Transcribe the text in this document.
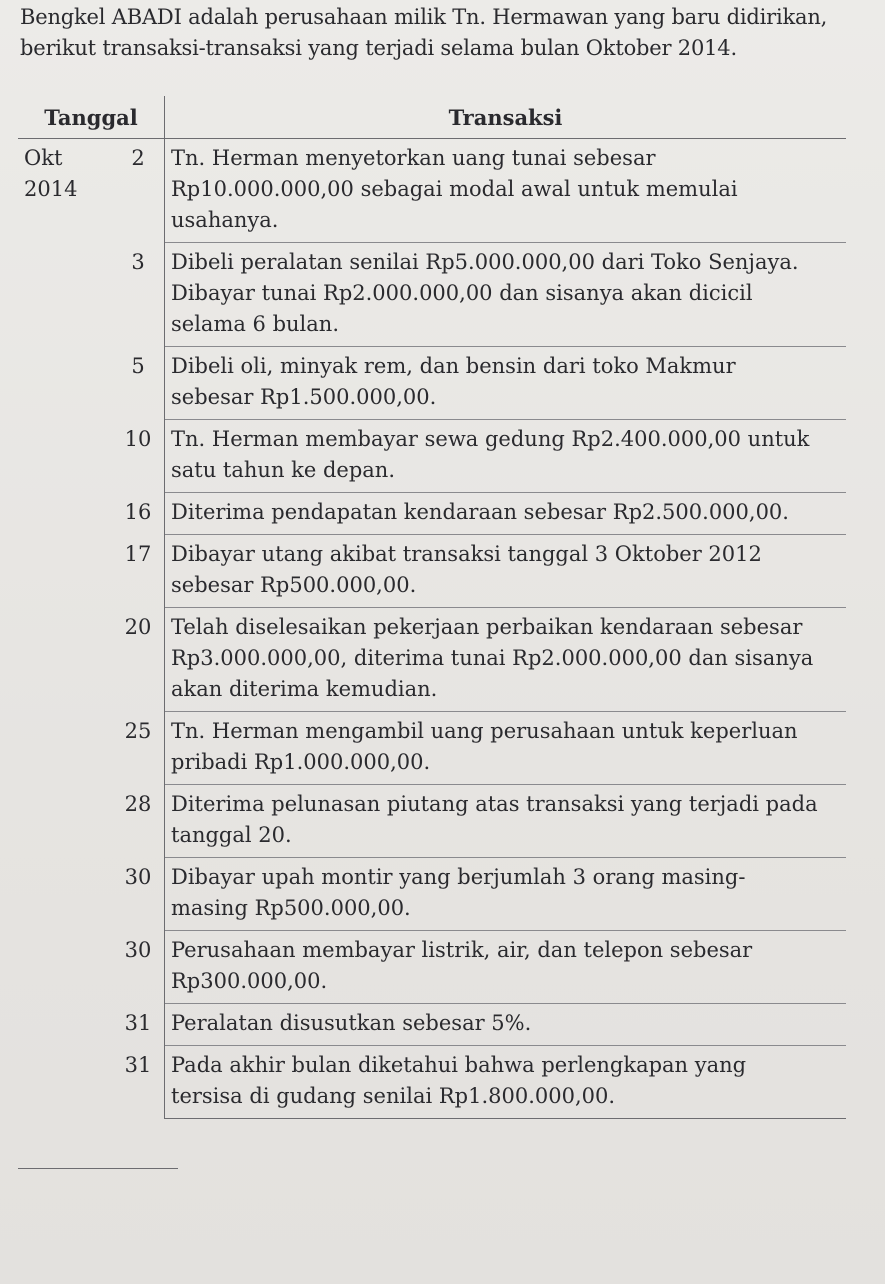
Bengkel ABADI adalah perusahaan milik Tn. Hermawan yang baru didirikan,
berikut transaksi-transaksi yang terjadi selama bulan Oktober 2014.
Tanggal		Transaksi
Okt
2014	2	Tn. Herman menyetorkan uang tunai sebesar
Rp10.000.000,00 sebagai modal awal untuk memulai
usahanya.
	3	Dibeli peralatan senilai Rp5.000.000,00 dari Toko Senjaya.
Dibayar tunai Rp2.000.000,00 dan sisanya akan dicicil
selama 6 bulan.
	5	Dibeli oli, minyak rem, dan bensin dari toko Makmur
sebesar Rp1.500.000,00.
	10	Tn. Herman membayar sewa gedung Rp2.400.000,00 untuk
satu tahun ke depan.
	16	Diterima pendapatan kendaraan sebesar Rp2.500.000,00.
	17	Dibayar utang akibat transaksi tanggal 3 Oktober 2012
sebesar Rp500.000,00.
	20	Telah diselesaikan pekerjaan perbaikan kendaraan sebesar
Rp3.000.000,00, diterima tunai Rp2.000.000,00 dan sisanya
akan diterima kemudian.
	25	Tn. Herman mengambil uang perusahaan untuk keperluan
pribadi Rp1.000.000,00.
	28	Diterima pelunasan piutang atas transaksi yang terjadi pada
tanggal 20.
	30	Dibayar upah montir yang berjumlah 3 orang masing-
masing Rp500.000,00.
	30	Perusahaan membayar listrik, air, dan telepon sebesar
Rp300.000,00.
	31	Peralatan disusutkan sebesar 5%.
	31	Pada akhir bulan diketahui bahwa perlengkapan yang
tersisa di gudang senilai Rp1.800.000,00.
